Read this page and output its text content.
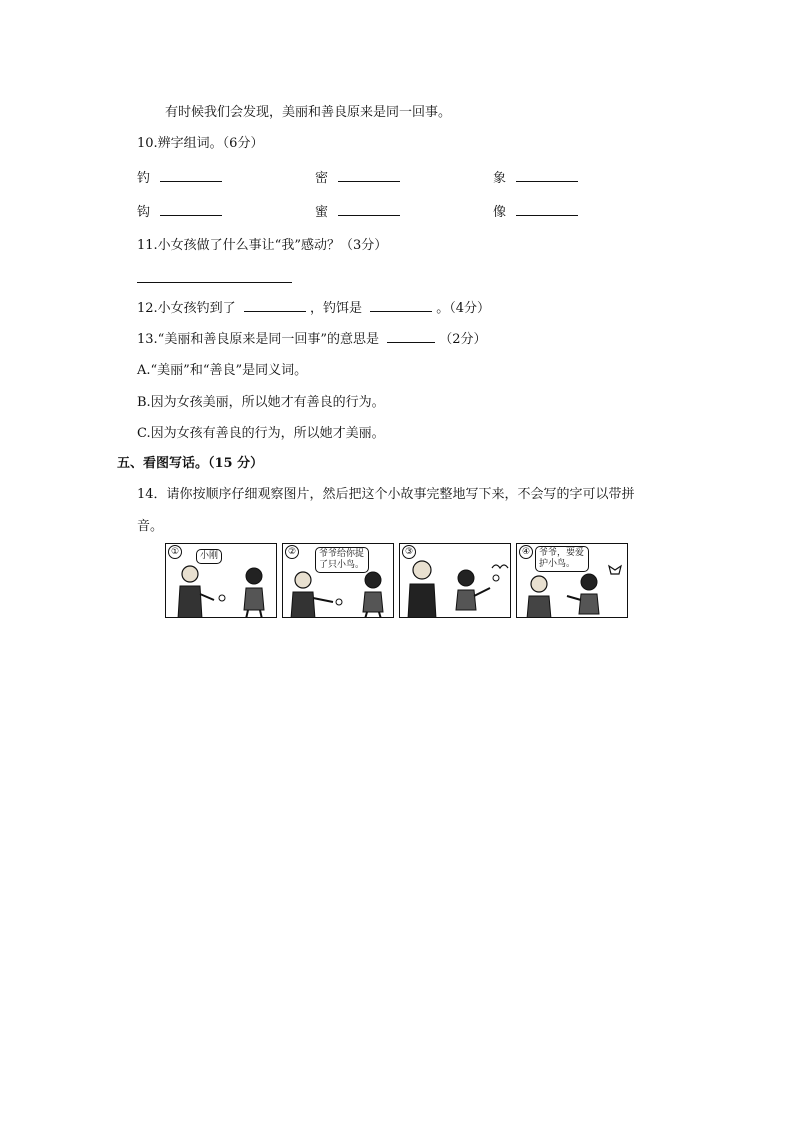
有时候我们会发现，美丽和善良原来是同一回事。
10.辨字组词。（6分）
钓	密	象
钩	蜜	像
11.小女孩做了什么事让“我”感动？（3分）
12.小女孩钓到了	，钓饵是	。（4分）
13.“美丽和善良原来是同一回事”的意思是	（2分）
A.“美丽”和“善良”是同义词。
B.因为女孩美丽，所以她才有善良的行为。
C.因为女孩有善良的行为，所以她才美丽。
五、看图写话。（15 分）
14．请你按顺序仔细观察图片，然后把这个小故事完整地写下来，不会写的字可以带拼
音。
①	小刚	②	爷爷给你捉了只小鸟。
③	④ 爷爷，要爱护小鸟。
